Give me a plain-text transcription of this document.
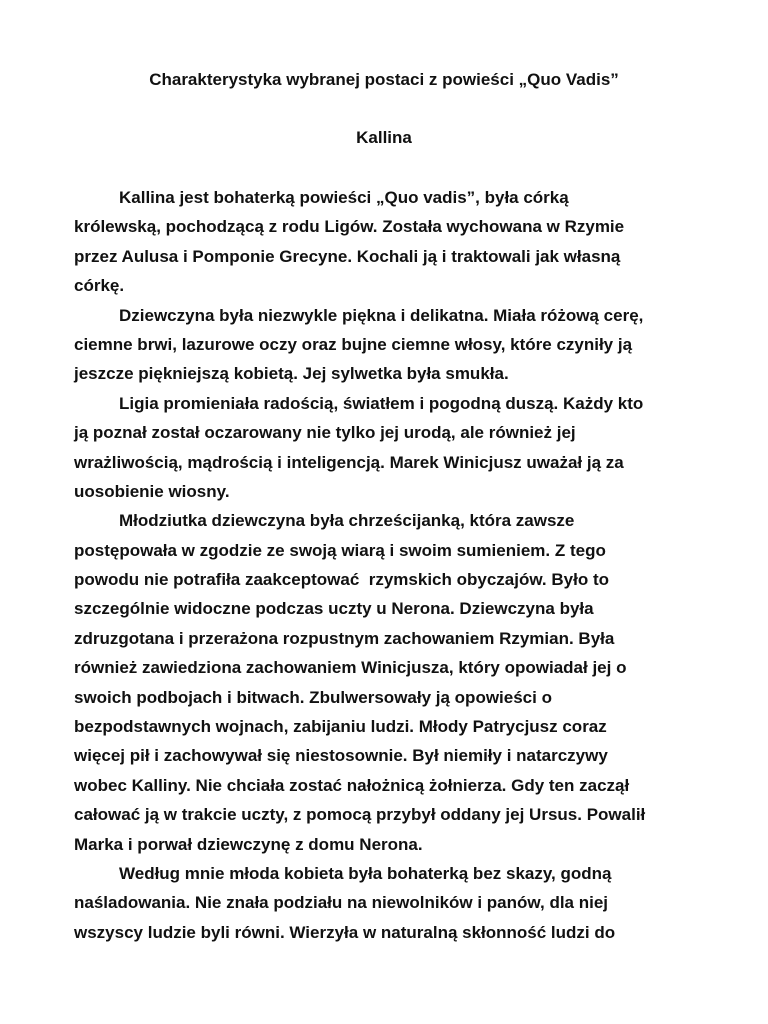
Charakterystyka wybranej postaci z powieści „Quo Vadis”
Kallina
Kallina jest bohaterką powieści „Quo vadis”, była córką
królewską, pochodzącą z rodu Ligów. Została wychowana w Rzymie
przez Aulusa i Pomponie Grecyne. Kochali ją i traktowali jak własną
córkę.
Dziewczyna była niezwykle piękna i delikatna. Miała różową cerę,
ciemne brwi, lazurowe oczy oraz bujne ciemne włosy, które czyniły ją
jeszcze piękniejszą kobietą. Jej sylwetka była smukła.
Ligia promieniała radością, światłem i pogodną duszą. Każdy kto
ją poznał został oczarowany nie tylko jej urodą, ale również jej
wrażliwością, mądrością i inteligencją. Marek Winicjusz uważał ją za
uosobienie wiosny.
Młodziutka dziewczyna była chrześcijanką, która zawsze
postępowała w zgodzie ze swoją wiarą i swoim sumieniem. Z tego
powodu nie potrafiła zaakceptować  rzymskich obyczajów. Było to
szczególnie widoczne podczas uczty u Nerona. Dziewczyna była
zdruzgotana i przerażona rozpustnym zachowaniem Rzymian. Była
również zawiedziona zachowaniem Winicjusza, który opowiadał jej o
swoich podbojach i bitwach. Zbulwersowały ją opowieści o
bezpodstawnych wojnach, zabijaniu ludzi. Młody Patrycjusz coraz
więcej pił i zachowywał się niestosownie. Był niemiły i natarczywy
wobec Kalliny. Nie chciała zostać nałożnicą żołnierza. Gdy ten zaczął
całować ją w trakcie uczty, z pomocą przybył oddany jej Ursus. Powalił
Marka i porwał dziewczynę z domu Nerona.
Według mnie młoda kobieta była bohaterką bez skazy, godną
naśladowania. Nie znała podziału na niewolników i panów, dla niej
wszyscy ludzie byli równi. Wierzyła w naturalną skłonność ludzi do
